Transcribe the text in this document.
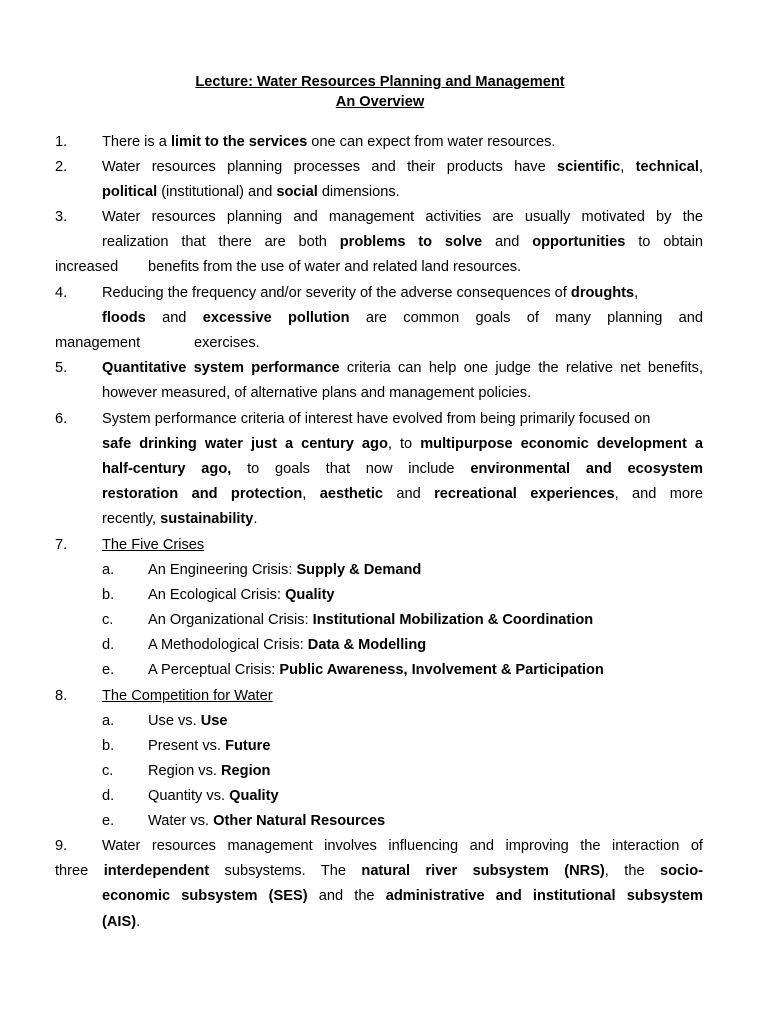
Lecture: Water Resources Planning and Management
An Overview
1. There is a limit to the services one can expect from water resources.
2. Water resources planning processes and their products have scientific, technical,
political (institutional) and social dimensions.
3. Water resources planning and management activities are usually motivated by the
realization that there are both problems to solve and opportunities to obtain
increased benefits from the use of water and related land resources.
4. Reducing the frequency and/or severity of the adverse consequences of droughts,
floods and excessive pollution are common goals of many planning and
management	exercises.
5. Quantitative system performance criteria can help one judge the relative net benefits,
however measured, of alternative plans and management policies.
6. System performance criteria of interest have evolved from being primarily focused on
safe drinking water just a century ago, to multipurpose economic development a
half-century ago, to goals that now include environmental and ecosystem
restoration and protection, aesthetic and recreational experiences, and more
recently, sustainability.
7. The Five Crises
a. An Engineering Crisis: Supply & Demand
b. An Ecological Crisis: Quality
c. An Organizational Crisis: Institutional Mobilization & Coordination
d. A Methodological Crisis: Data & Modelling
e. A Perceptual Crisis: Public Awareness, Involvement & Participation
8. The Competition for Water
a. Use vs. Use
b. Present vs. Future
c. Region vs. Region
d. Quantity vs. Quality
e. Water vs. Other Natural Resources
9. Water resources management involves influencing and improving the interaction of
three interdependent subsystems. The natural river subsystem (NRS), the socio-
economic subsystem (SES) and the administrative and institutional subsystem
(AIS).
